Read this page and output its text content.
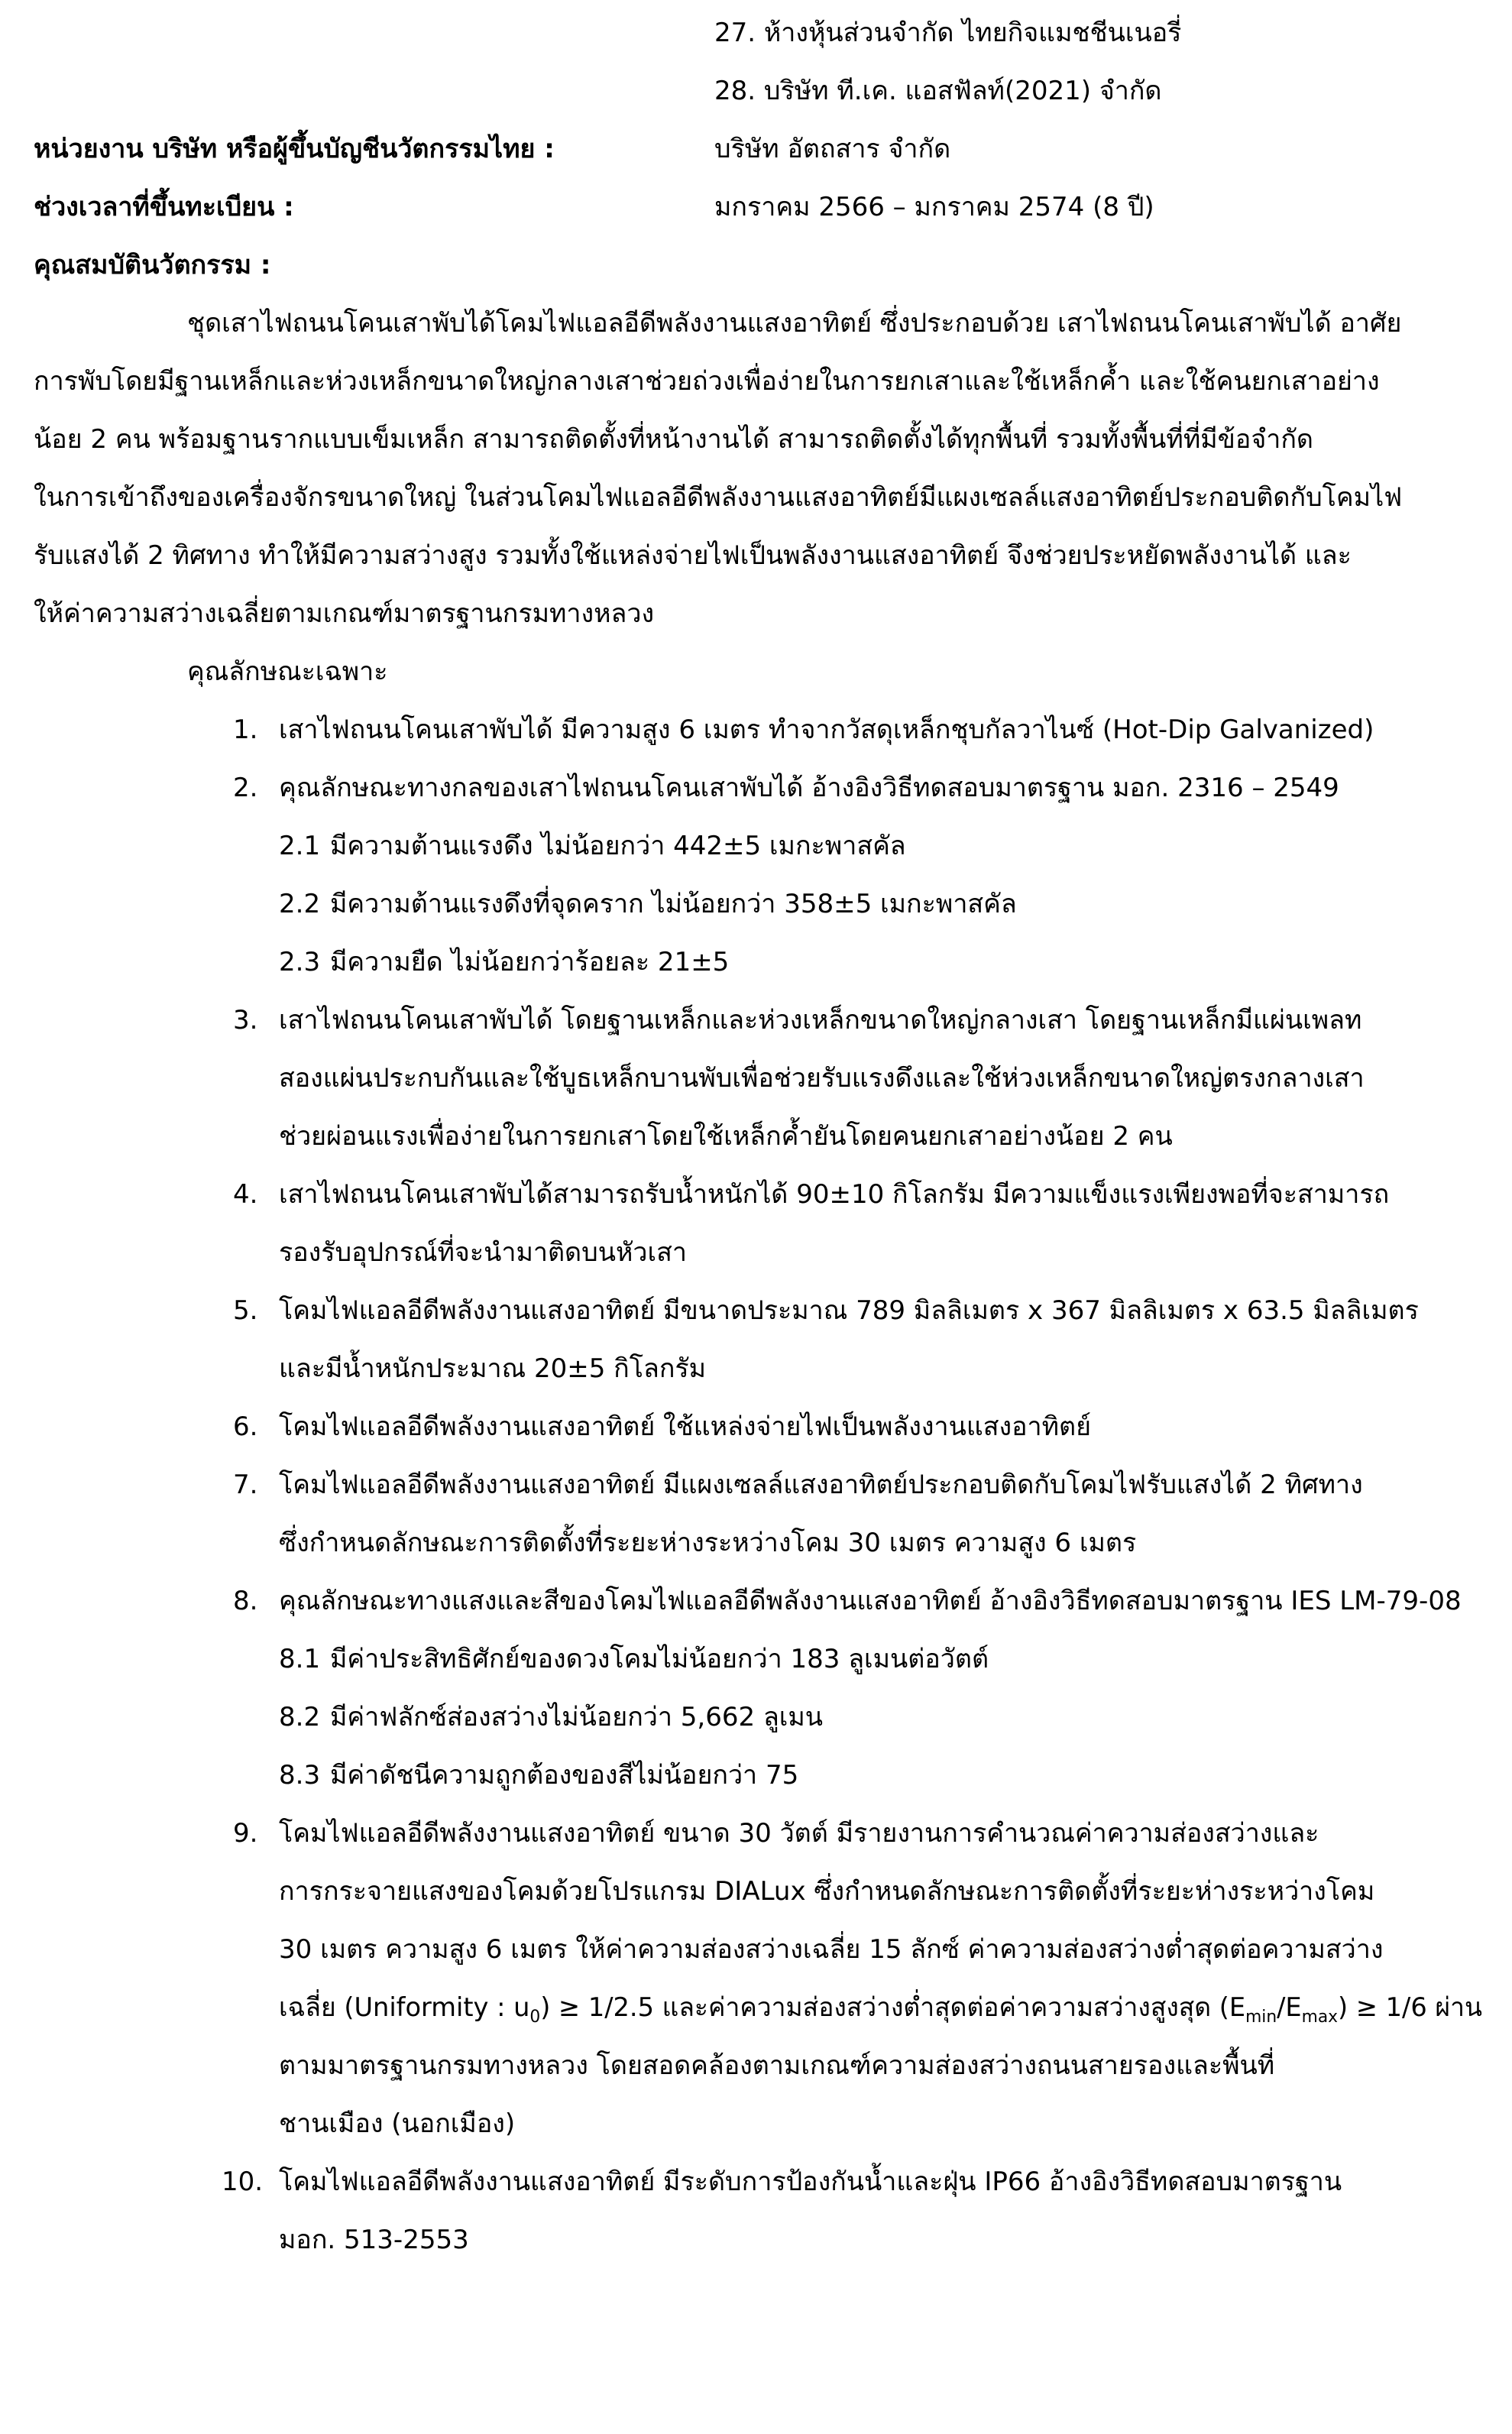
27. ห้างหุ้นส่วนจำกัด ไทยกิจแมชชีนเนอรี่
28. บริษัท ที.เค. แอสฟัลท์(2021) จำกัด
หน่วยงาน บริษัท หรือผู้ขึ้นบัญชีนวัตกรรมไทย :	บริษัท อัตถสาร จำกัด
ช่วงเวลาที่ขึ้นทะเบียน :	มกราคม 2566 – มกราคม 2574 (8 ปี)
คุณสมบัตินวัตกรรม :
ชุดเสาไฟถนนโคนเสาพับได้โคมไฟแอลอีดีพลังงานแสงอาทิตย์ ซึ่งประกอบด้วย เสาไฟถนนโคนเสาพับได้ อาศัย
การพับโดยมีฐานเหล็กและห่วงเหล็กขนาดใหญ่กลางเสาช่วยถ่วงเพื่อง่ายในการยกเสาและใช้เหล็กค้ำ และใช้คนยกเสาอย่าง
น้อย 2 คน พร้อมฐานรากแบบเข็มเหล็ก สามารถติดตั้งที่หน้างานได้ สามารถติดตั้งได้ทุกพื้นที่ รวมทั้งพื้นที่ที่มีข้อจำกัด
ในการเข้าถึงของเครื่องจักรขนาดใหญ่ ในส่วนโคมไฟแอลอีดีพลังงานแสงอาทิตย์มีแผงเซลล์แสงอาทิตย์ประกอบติดกับโคมไฟ
รับแสงได้ 2 ทิศทาง ทำให้มีความสว่างสูง รวมทั้งใช้แหล่งจ่ายไฟเป็นพลังงานแสงอาทิตย์ จึงช่วยประหยัดพลังงานได้ และ
ให้ค่าความสว่างเฉลี่ยตามเกณฑ์มาตรฐานกรมทางหลวง
คุณลักษณะเฉพาะ
1. เสาไฟถนนโคนเสาพับได้ มีความสูง 6 เมตร ทำจากวัสดุเหล็กชุบกัลวาไนซ์ (Hot-Dip Galvanized)
2. คุณลักษณะทางกลของเสาไฟถนนโคนเสาพับได้ อ้างอิงวิธีทดสอบมาตรฐาน มอก. 2316 – 2549
2.1 มีความต้านแรงดึง ไม่น้อยกว่า 442±5 เมกะพาสคัล
2.2 มีความต้านแรงดึงที่จุดคราก ไม่น้อยกว่า 358±5 เมกะพาสคัล
2.3 มีความยืด ไม่น้อยกว่าร้อยละ 21±5
3. เสาไฟถนนโคนเสาพับได้ โดยฐานเหล็กและห่วงเหล็กขนาดใหญ่กลางเสา โดยฐานเหล็กมีแผ่นเพลท
สองแผ่นประกบกันและใช้บูธเหล็กบานพับเพื่อช่วยรับแรงดึงและใช้ห่วงเหล็กขนาดใหญ่ตรงกลางเสา
ช่วยผ่อนแรงเพื่อง่ายในการยกเสาโดยใช้เหล็กค้ำยันโดยคนยกเสาอย่างน้อย 2 คน
4. เสาไฟถนนโคนเสาพับได้สามารถรับน้ำหนักได้ 90±10 กิโลกรัม มีความแข็งแรงเพียงพอที่จะสามารถ
รองรับอุปกรณ์ที่จะนำมาติดบนหัวเสา
5. โคมไฟแอลอีดีพลังงานแสงอาทิตย์ มีขนาดประมาณ 789 มิลลิเมตร x 367 มิลลิเมตร x 63.5 มิลลิเมตร
และมีน้ำหนักประมาณ 20±5 กิโลกรัม
6. โคมไฟแอลอีดีพลังงานแสงอาทิตย์ ใช้แหล่งจ่ายไฟเป็นพลังงานแสงอาทิตย์
7. โคมไฟแอลอีดีพลังงานแสงอาทิตย์ มีแผงเซลล์แสงอาทิตย์ประกอบติดกับโคมไฟรับแสงได้ 2 ทิศทาง
ซึ่งกำหนดลักษณะการติดตั้งที่ระยะห่างระหว่างโคม 30 เมตร ความสูง 6 เมตร
8. คุณลักษณะทางแสงและสีของโคมไฟแอลอีดีพลังงานแสงอาทิตย์ อ้างอิงวิธีทดสอบมาตรฐาน IES LM-79-08
8.1 มีค่าประสิทธิศักย์ของดวงโคมไม่น้อยกว่า 183 ลูเมนต่อวัตต์
8.2 มีค่าฟลักซ์ส่องสว่างไม่น้อยกว่า 5,662 ลูเมน
8.3 มีค่าดัชนีความถูกต้องของสีไม่น้อยกว่า 75
9. โคมไฟแอลอีดีพลังงานแสงอาทิตย์ ขนาด 30 วัตต์ มีรายงานการคำนวณค่าความส่องสว่างและ
การกระจายแสงของโคมด้วยโปรแกรม DIALux ซึ่งกำหนดลักษณะการติดตั้งที่ระยะห่างระหว่างโคม
30 เมตร ความสูง 6 เมตร ให้ค่าความส่องสว่างเฉลี่ย 15 ลักซ์ ค่าความส่องสว่างต่ำสุดต่อความสว่าง
เฉลี่ย (Uniformity : $u_0) \ge 1/2.5$ และค่าความส่องสว่างต่ำสุดต่อค่าความสว่างสูงสุด $(E_{min}/E_{max}) \ge 1/6$ ผ่าน
ตามมาตรฐานกรมทางหลวง โดยสอดคล้องตามเกณฑ์ความส่องสว่างถนนสายรองและพื้นที่
ชานเมือง (นอกเมือง)
10. โคมไฟแอลอีดีพลังงานแสงอาทิตย์ มีระดับการป้องกันน้ำและฝุ่น IP66 อ้างอิงวิธีทดสอบมาตรฐาน
มอก. 513-2553
